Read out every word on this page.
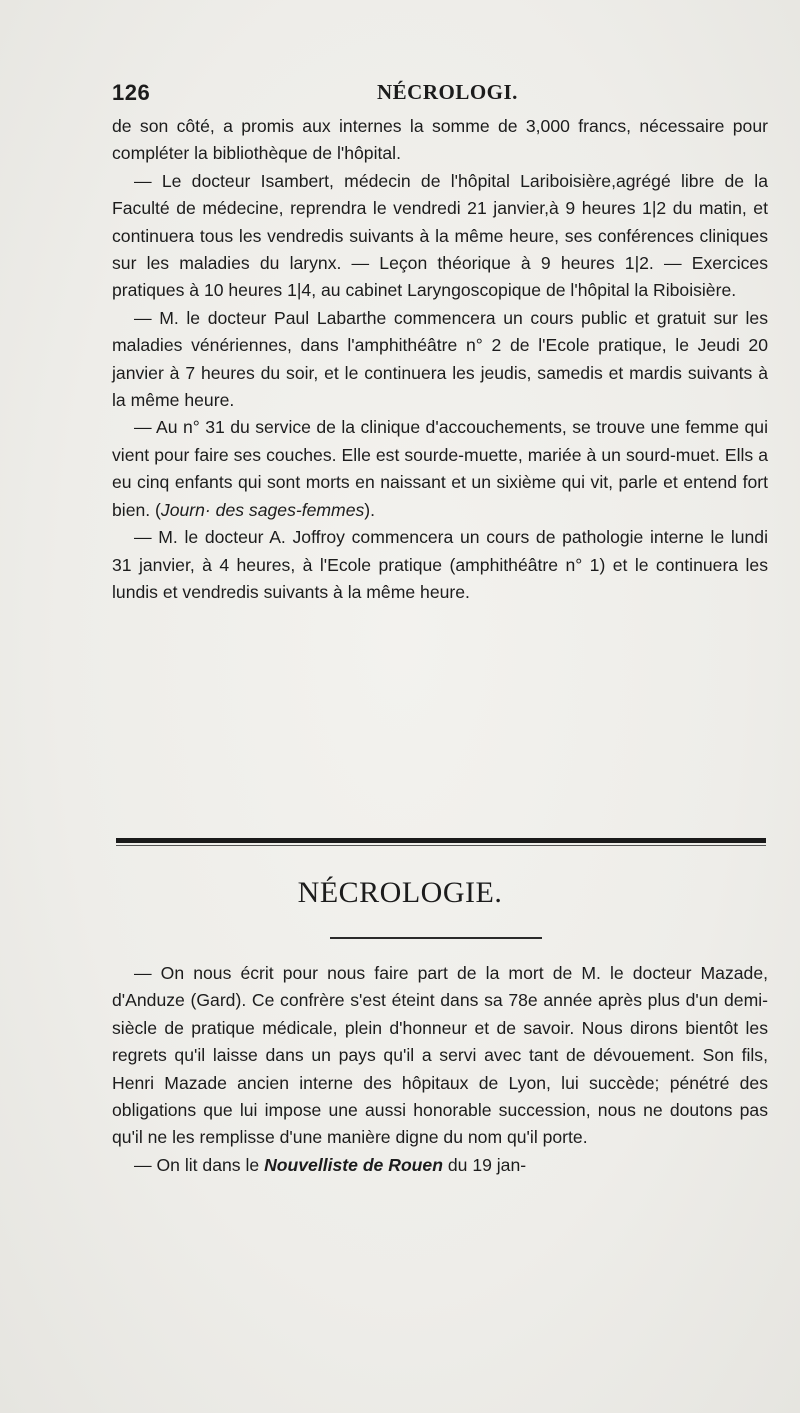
126	NÉCROLOGI.

de son côté, a promis aux internes la somme de 3,000 francs, nécessaire pour compléter la bibliothèque de l'hôpital.

— Le docteur Isambert, médecin de l'hôpital Lariboisière,agrégé libre de la Faculté de médecine, reprendra le vendredi 21 janvier,à 9 heures 1|2 du matin, et continuera tous les vendredis suivants à la même heure, ses conférences cliniques sur les maladies du larynx. — Leçon théorique à 9 heures 1|2. — Exercices pratiques à 10 heures 1|4, au cabinet Laryngoscopique de l'hôpital la Riboisière.

— M. le docteur Paul Labarthe commencera un cours public et gratuit sur les maladies vénériennes, dans l'amphithéâtre n° 2 de l'Ecole pratique, le Jeudi 20 janvier à 7 heures du soir, et le continuera les jeudis, samedis et mardis suivants à la même heure.

— Au n° 31 du service de la clinique d'accouchements, se trouve une femme qui vient pour faire ses couches. Elle est sourde-muette, mariée à un sourd-muet. Ells a eu cinq enfants qui sont morts en naissant et un sixième qui vit, parle et entend fort bien. (Journ· des sages-femmes).

— M. le docteur A. Joffroy commencera un cours de pathologie interne le lundi 31 janvier, à 4 heures, à l'Ecole pratique (amphithéâtre n° 1) et le continuera les lundis et vendredis suivants à la même heure.

NÉCROLOGIE.

— On nous écrit pour nous faire part de la mort de M. le docteur Mazade, d'Anduze (Gard). Ce confrère s'est éteint dans sa 78e année après plus d'un demi-siècle de pratique médicale, plein d'honneur et de savoir. Nous dirons bientôt les regrets qu'il laisse dans un pays qu'il a servi avec tant de dévouement. Son fils, Henri Mazade ancien interne des hôpitaux de Lyon, lui succède; pénétré des obligations que lui impose une aussi honorable succession, nous ne doutons pas qu'il ne les remplisse d'une manière digne du nom qu'il porte.

— On lit dans le Nouvelliste de Rouen du 19 jan-
